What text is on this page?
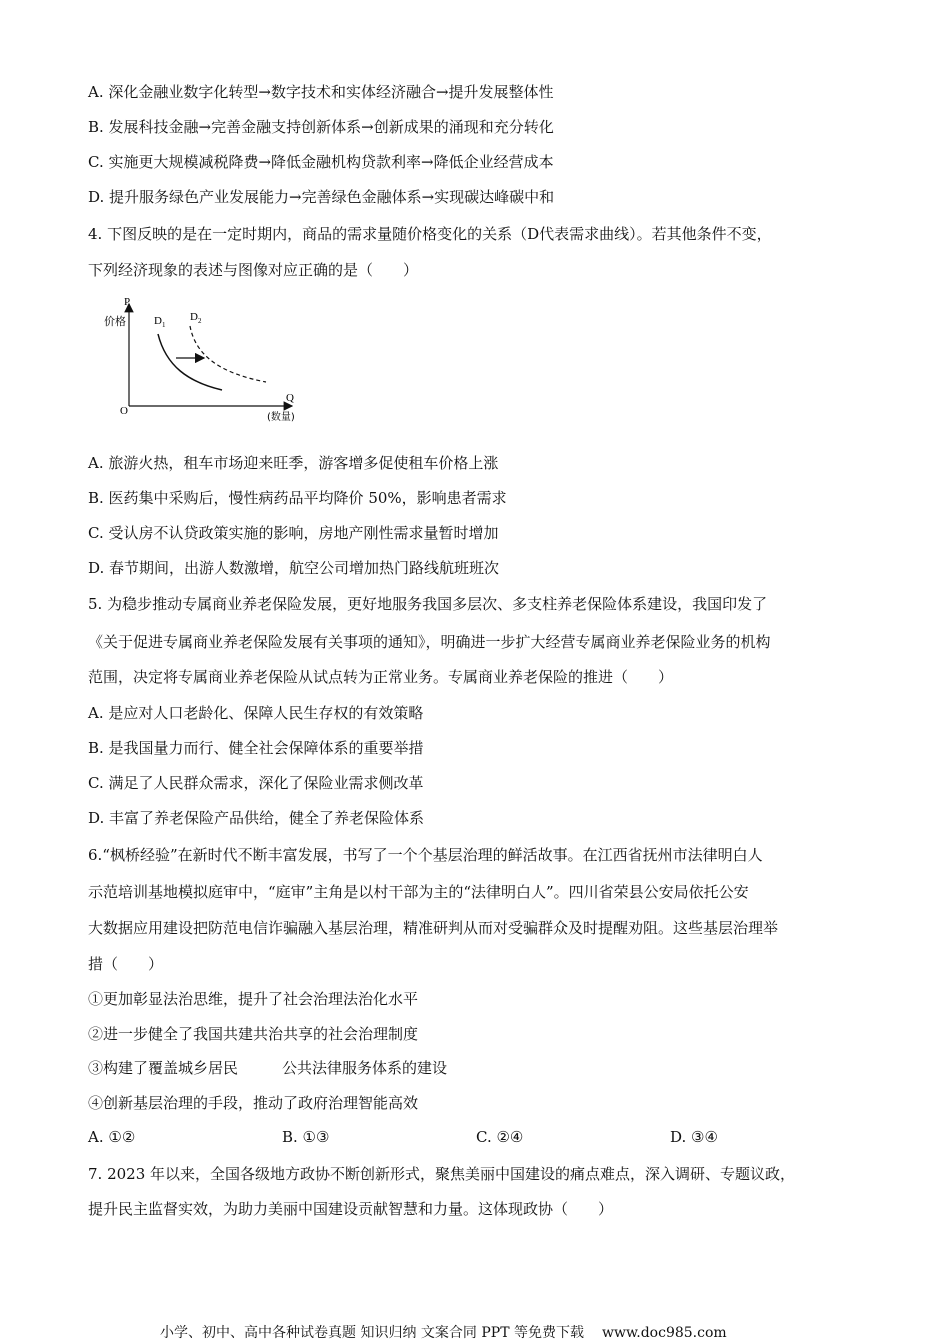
A. 深化金融业数字化转型→数字技术和实体经济融合→提升发展整体性

B. 发展科技金融→完善金融支持创新体系→创新成果的涌现和充分转化

C. 实施更大规模减税降费→降低金融机构贷款利率→降低企业经营成本

D. 提升服务绿色产业发展能力→完善绿色金融体系→实现碳达峰碳中和

4. 下图反映的是在一定时期内，商品的需求量随价格变化的关系（D代表需求曲线）。若其他条件不变，

下列经济现象的表述与图像对应正确的是（　　）

P
价格
O
Q
(数量)
$D_1$
$D_2$

A. 旅游火热，租车市场迎来旺季，游客增多促使租车价格上涨

B. 医药集中采购后，慢性病药品平均降价 50%，影响患者需求

C. 受认房不认贷政策实施的影响，房地产刚性需求量暂时增加

D. 春节期间，出游人数激增，航空公司增加热门路线航班班次

5. 为稳步推动专属商业养老保险发展，更好地服务我国多层次、多支柱养老保险体系建设，我国印发了

《关于促进专属商业养老保险发展有关事项的通知》，明确进一步扩大经营专属商业养老保险业务的机构

范围，决定将专属商业养老保险从试点转为正常业务。专属商业养老保险的推进（　　）

A. 是应对人口老龄化、保障人民生存权的有效策略

B. 是我国量力而行、健全社会保障体系的重要举措

C. 满足了人民群众需求，深化了保险业需求侧改革

D. 丰富了养老保险产品供给，健全了养老保险体系

6.“枫桥经验”在新时代不断丰富发展，书写了一个个基层治理的鲜活故事。在江西省抚州市法律明白人

示范培训基地模拟庭审中，“庭审”主角是以村干部为主的“法律明白人”。四川省荣县公安局依托公安

大数据应用建设把防范电信诈骗融入基层治理，精准研判从而对受骗群众及时提醒劝阻。这些基层治理举

措（　　）

①更加彰显法治思维，提升了社会治理法治化水平

②进一步健全了我国共建共治共享的社会治理制度

③构建了覆盖城乡居民	公共法律服务体系的建设

④创新基层治理的手段，推动了政府治理智能高效

A. ①②	B. ①③	C. ②④	D. ③④

7. 2023 年以来，全国各级地方政协不断创新形式，聚焦美丽中国建设的痛点难点，深入调研、专题议政，

提升民主监督实效，为助力美丽中国建设贡献智慧和力量。这体现政协（　　）

小学、初中、高中各种试卷真题 知识归纳 文案合同 PPT 等免费下载 www.doc985.com
